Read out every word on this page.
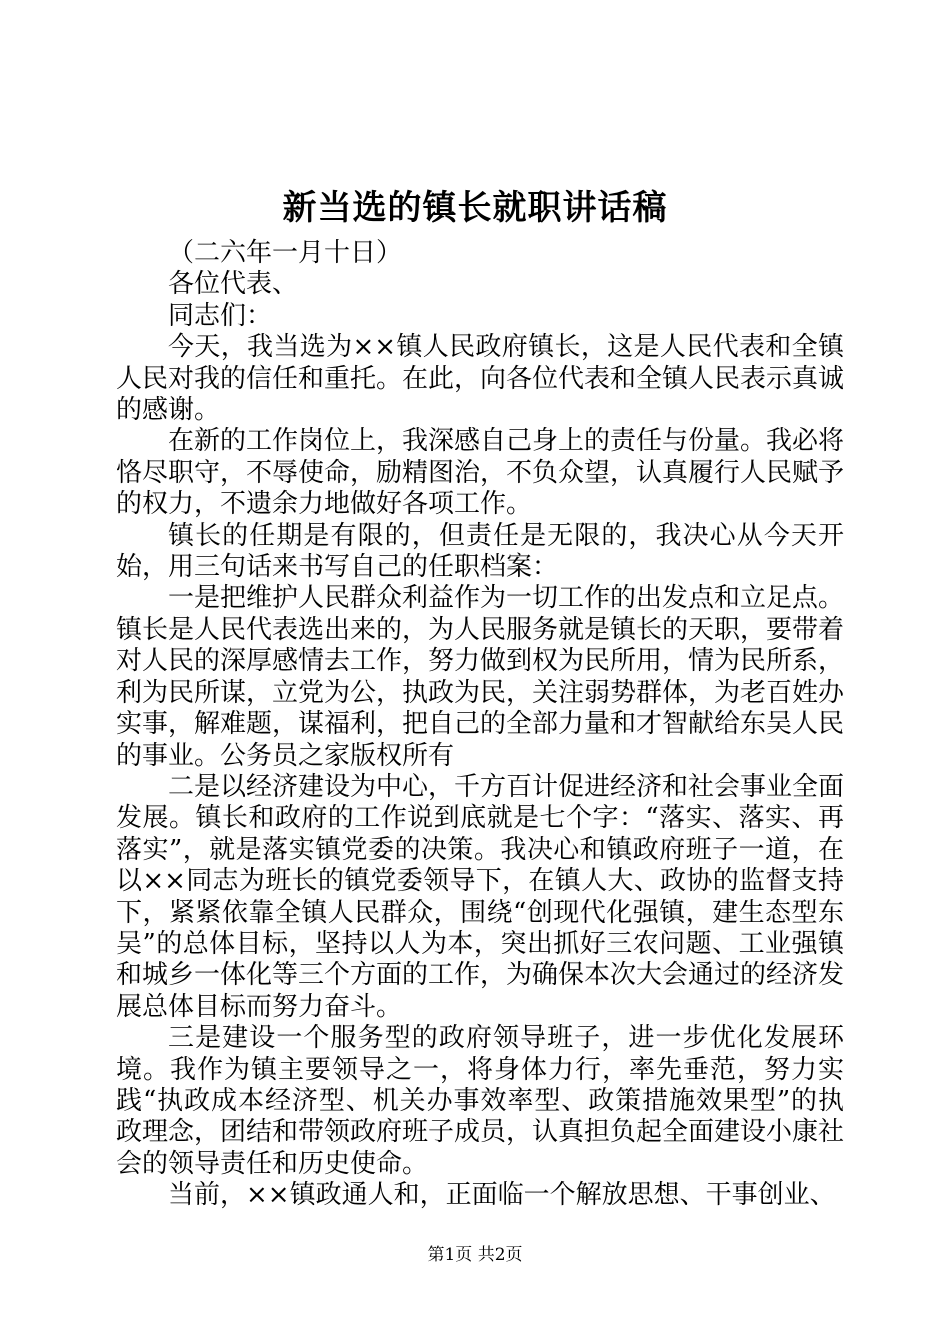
新当选的镇长就职讲话稿

（二六年一月十日）

各位代表、

同志们：

今天，我当选为××镇人民政府镇长，这是人民代表和全镇人民对我的信任和重托。在此，向各位代表和全镇人民表示真诚的感谢。

在新的工作岗位上，我深感自己身上的责任与份量。我必将恪尽职守，不辱使命，励精图治，不负众望，认真履行人民赋予的权力，不遗余力地做好各项工作。

镇长的任期是有限的，但责任是无限的，我决心从今天开始，用三句话来书写自己的任职档案：

一是把维护人民群众利益作为一切工作的出发点和立足点。镇长是人民代表选出来的，为人民服务就是镇长的天职，要带着对人民的深厚感情去工作，努力做到权为民所用，情为民所系，利为民所谋，立党为公，执政为民，关注弱势群体，为老百姓办实事，解难题，谋福利，把自己的全部力量和才智献给东吴人民的事业。公务员之家版权所有

二是以经济建设为中心，千方百计促进经济和社会事业全面发展。镇长和政府的工作说到底就是七个字：“落实、落实、再落实”，就是落实镇党委的决策。我决心和镇政府班子一道，在以××同志为班长的镇党委领导下，在镇人大、政协的监督支持下，紧紧依靠全镇人民群众，围绕“创现代化强镇，建生态型东吴”的总体目标，坚持以人为本，突出抓好三农问题、工业强镇和城乡一体化等三个方面的工作，为确保本次大会通过的经济发展总体目标而努力奋斗。

三是建设一个服务型的政府领导班子，进一步优化发展环境。我作为镇主要领导之一，将身体力行，率先垂范，努力实践“执政成本经济型、机关办事效率型、政策措施效果型”的执政理念，团结和带领政府班子成员，认真担负起全面建设小康社会的领导责任和历史使命。

当前，××镇政通人和，正面临一个解放思想、干事创业、

第1页 共2页
